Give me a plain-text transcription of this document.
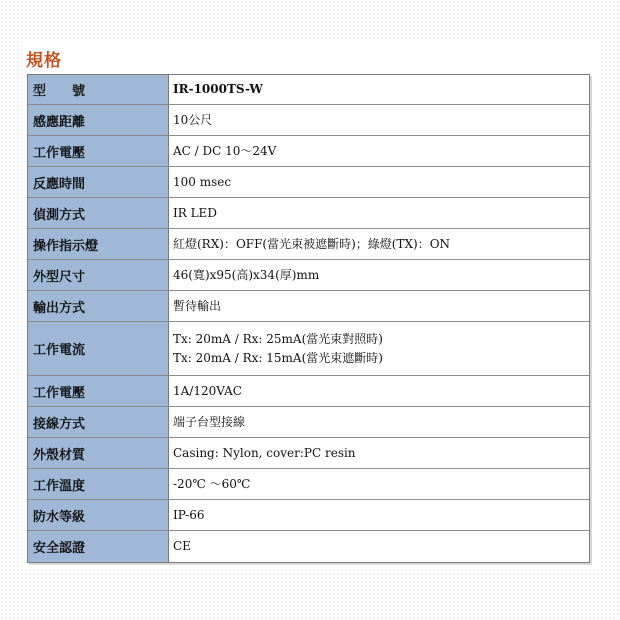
規格
型　　號	IR-1000TS-W

感應距離	10公尺

工作電壓	AC / DC 10～24V

反應時間	100 msec

偵測方式	IR LED

操作指示燈	紅燈(RX)：OFF(當光束被遮斷時)；綠燈(TX)：ON

外型尺寸	46(寬)x95(高)x34(厚)mm

輸出方式	暫待輸出

工作電流	Tx: 20mA / Rx: 25mA(當光束對照時)
Tx: 20mA / Rx: 15mA(當光束遮斷時)

工作電壓	1A/120VAC

接線方式	端子台型接線

外殼材質	Casing: Nylon, cover:PC resin

工作溫度	-20℃ ～60℃

防水等級	IP-66

安全認證	CE
